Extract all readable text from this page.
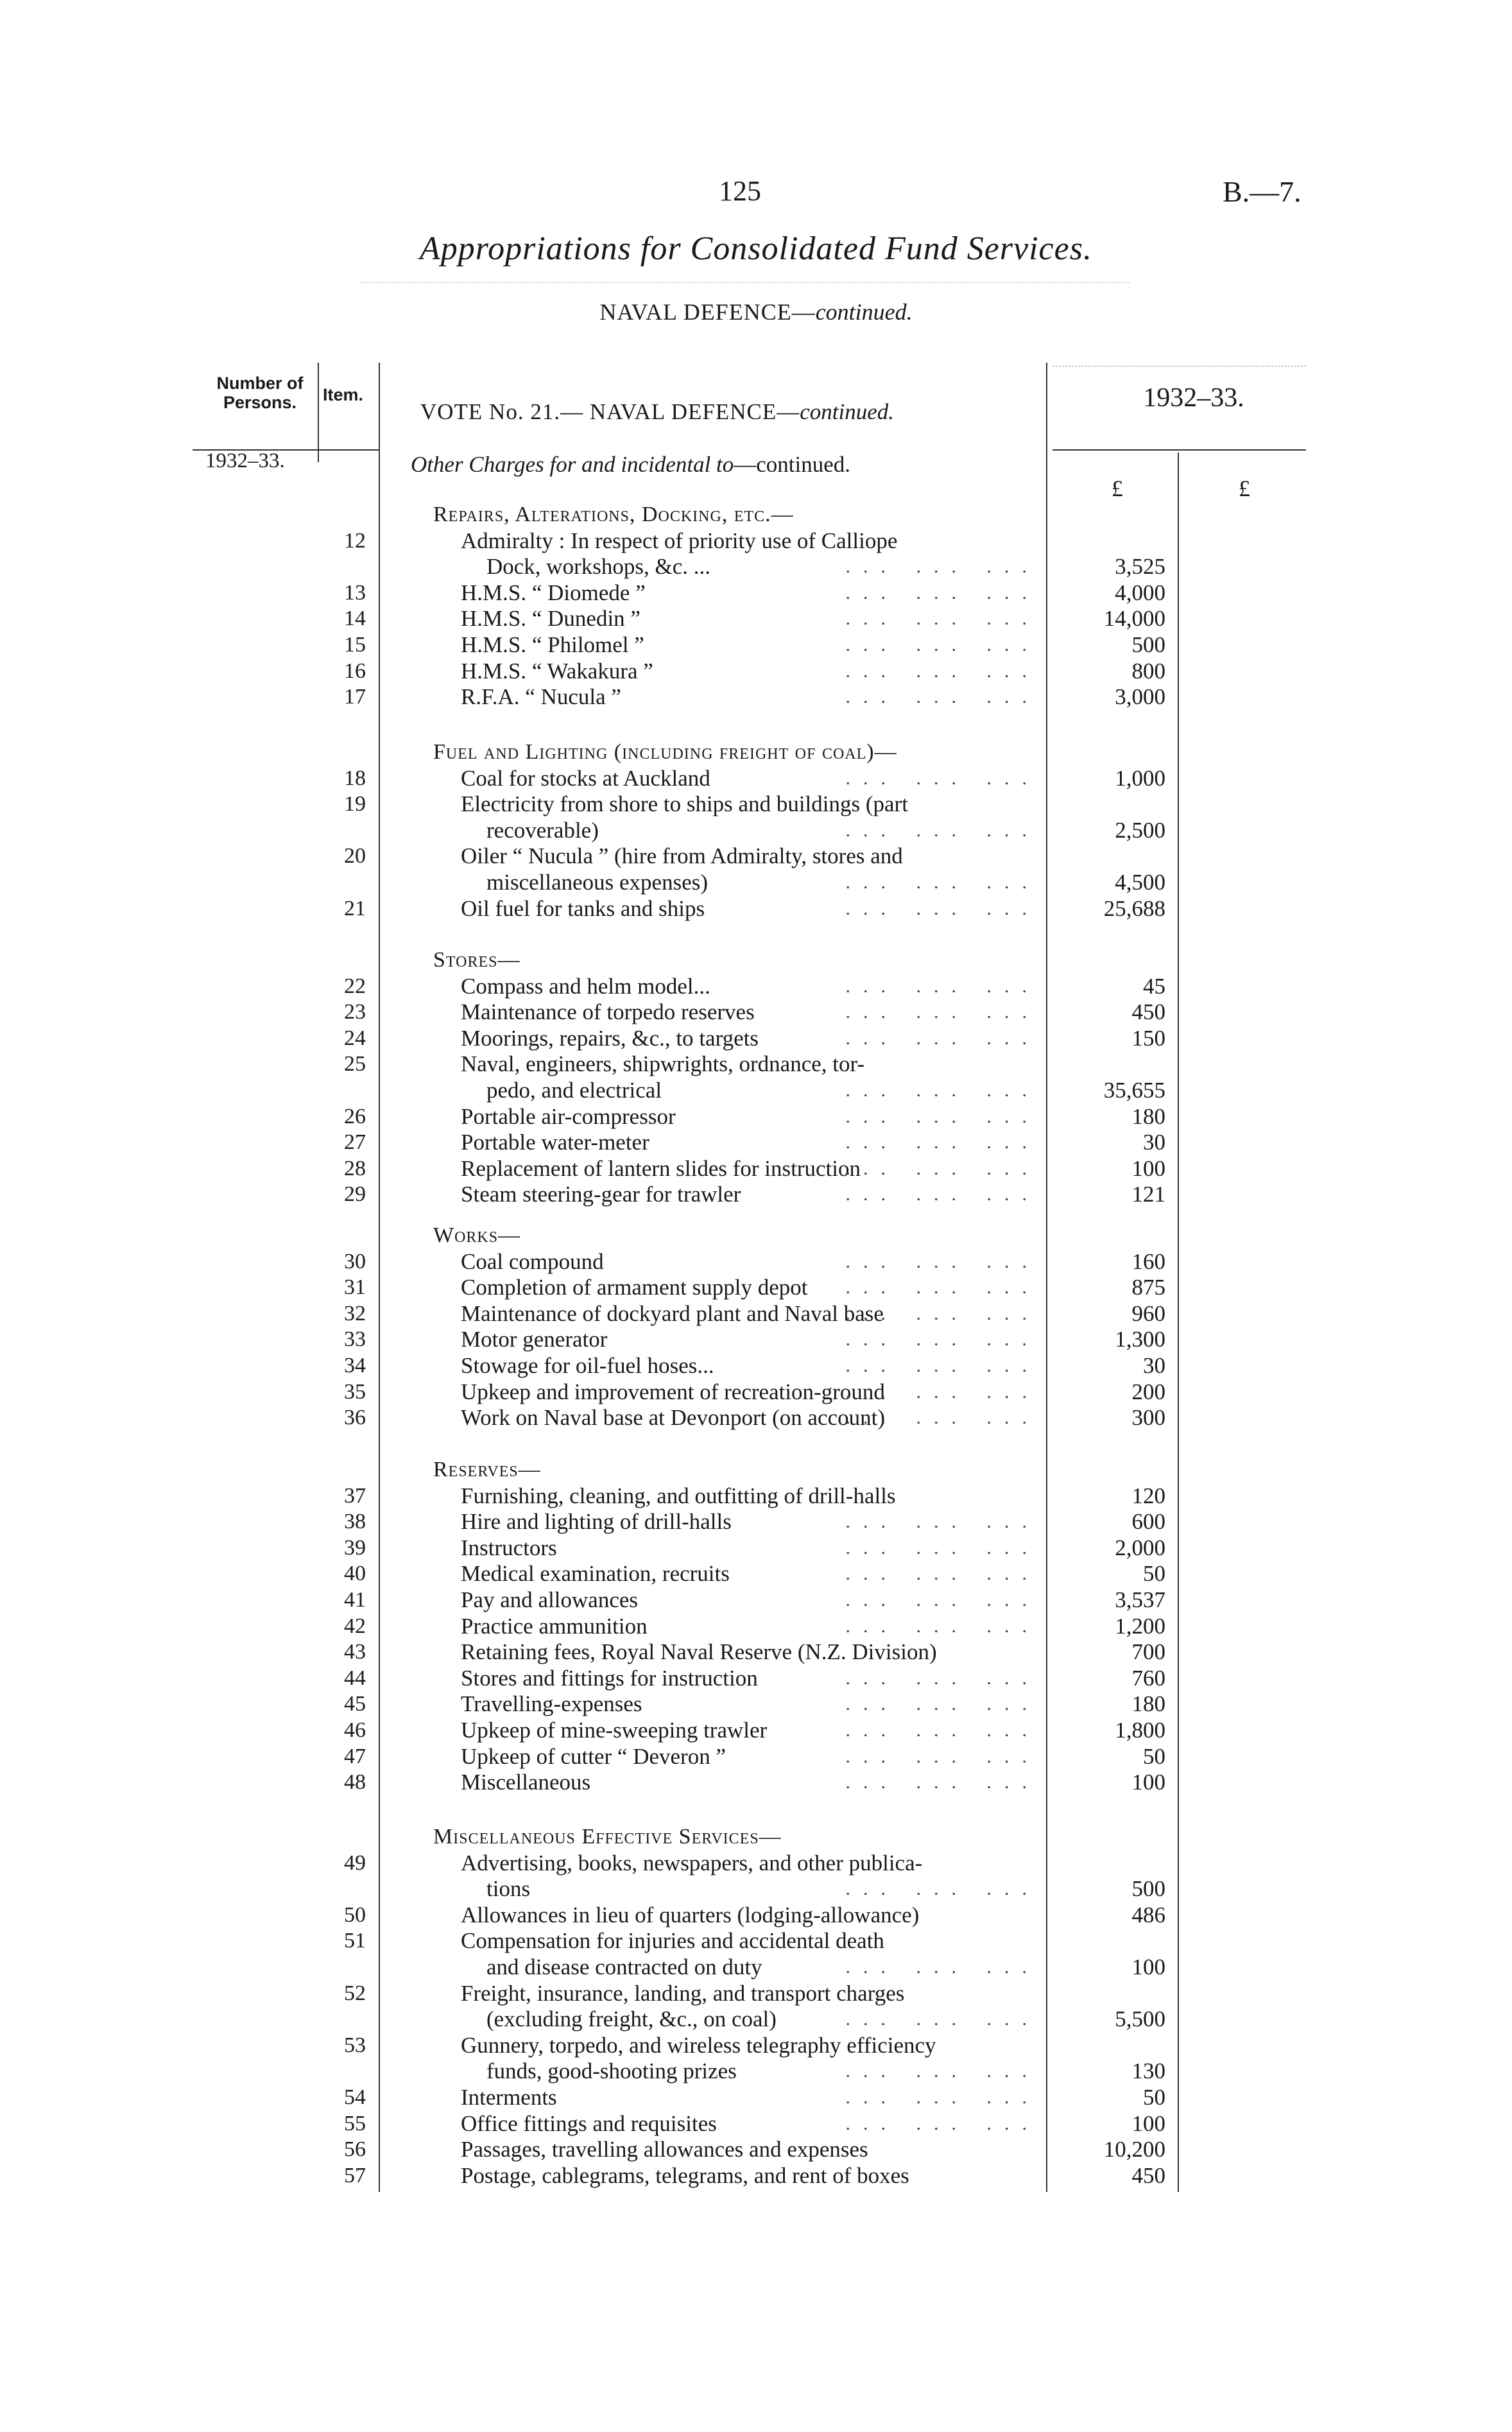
125	B.—7.
Appropriations for Consolidated Fund Services.
NAVAL DEFENCE—continued.
Number of Persons.	Item.
VOTE No. 21.— NAVAL DEFENCE—continued.	1932–33.
1932–33.
£	£
Other Charges for and incidental to—continued.
Repairs, Alterations, Docking, etc.—
12	Admiralty : In respect of priority use of Calliope
Dock, workshops, &c. ...	... ... ...	3,525
13	H.M.S. “ Diomede ”	... ... ...	4,000
14	H.M.S. “ Dunedin ”	... ... ...	14,000
15	H.M.S. “ Philomel ”	... ... ...	500
16	H.M.S. “ Wakakura ”	... ... ...	800
17	R.F.A. “ Nucula ”	... ... ...	3,000
Fuel and Lighting (including freight of coal)—
18	Coal for stocks at Auckland	... ... ...	1,000
19	Electricity from shore to ships and buildings (part
recoverable)	... ... ...	2,500
20	Oiler “ Nucula ” (hire from Admiralty, stores and
miscellaneous expenses)	... ... ...	4,500
21	Oil fuel for tanks and ships	... ... ...	25,688
Stores—
22	Compass and helm model...	... ... ...	45
23	Maintenance of torpedo reserves	... ... ...	450
24	Moorings, repairs, &c., to targets	... ... ...	150
25	Naval, engineers, shipwrights, ordnance, tor-
pedo, and electrical	... ... ...	35,655
26	Portable air-compressor	... ... ...	180
27	Portable water-meter	... ... ...	30
28	Replacement of lantern slides for instruction
... ... ...	100
29	Steam steering-gear for trawler	... ... ...	121
Works—
30	Coal compound	... ... ...	160
31	Completion of armament supply depot	... ... ...	875
32	Maintenance of dockyard plant and Naval base
... ... ...	960
33	Motor generator	... ... ...	1,300
34	Stowage for oil-fuel hoses...	... ... ...	30
35	Upkeep and improvement of recreation-ground
... ... ...	200
36	Work on Naval base at Devonport (on account)
... ... ...	300
Reserves—
37	Furnishing, cleaning, and outfitting of drill-halls	120
38	Hire and lighting of drill-halls	... ... ...	600
39	Instructors	... ... ...	2,000
40	Medical examination, recruits	... ... ...	50
41	Pay and allowances	... ... ...	3,537
42	Practice ammunition	... ... ...	1,200
43	Retaining fees, Royal Naval Reserve (N.Z. Division)	700
44	Stores and fittings for instruction	... ... ...	760
45	Travelling-expenses	... ... ...	180
46	Upkeep of mine-sweeping trawler	... ... ...	1,800
47	Upkeep of cutter “ Deveron ”	... ... ...	50
48	Miscellaneous	... ... ...	100
Miscellaneous Effective Services—
49	Advertising, books, newspapers, and other publica-
tions	... ... ...	500
50	Allowances in lieu of quarters (lodging-allowance)	486
51	Compensation for injuries and accidental death
and disease contracted on duty	... ... ...	100
52	Freight, insurance, landing, and transport charges
(excluding freight, &c., on coal)	... ... ...	5,500
53	Gunnery, torpedo, and wireless telegraphy efficiency
funds, good-shooting prizes	... ... ...	130
54	Interments	... ... ...	50
55	Office fittings and requisites	... ... ...	100
56	Passages, travelling allowances and expenses	10,200
57	Postage, cablegrams, telegrams, and rent of boxes	450
